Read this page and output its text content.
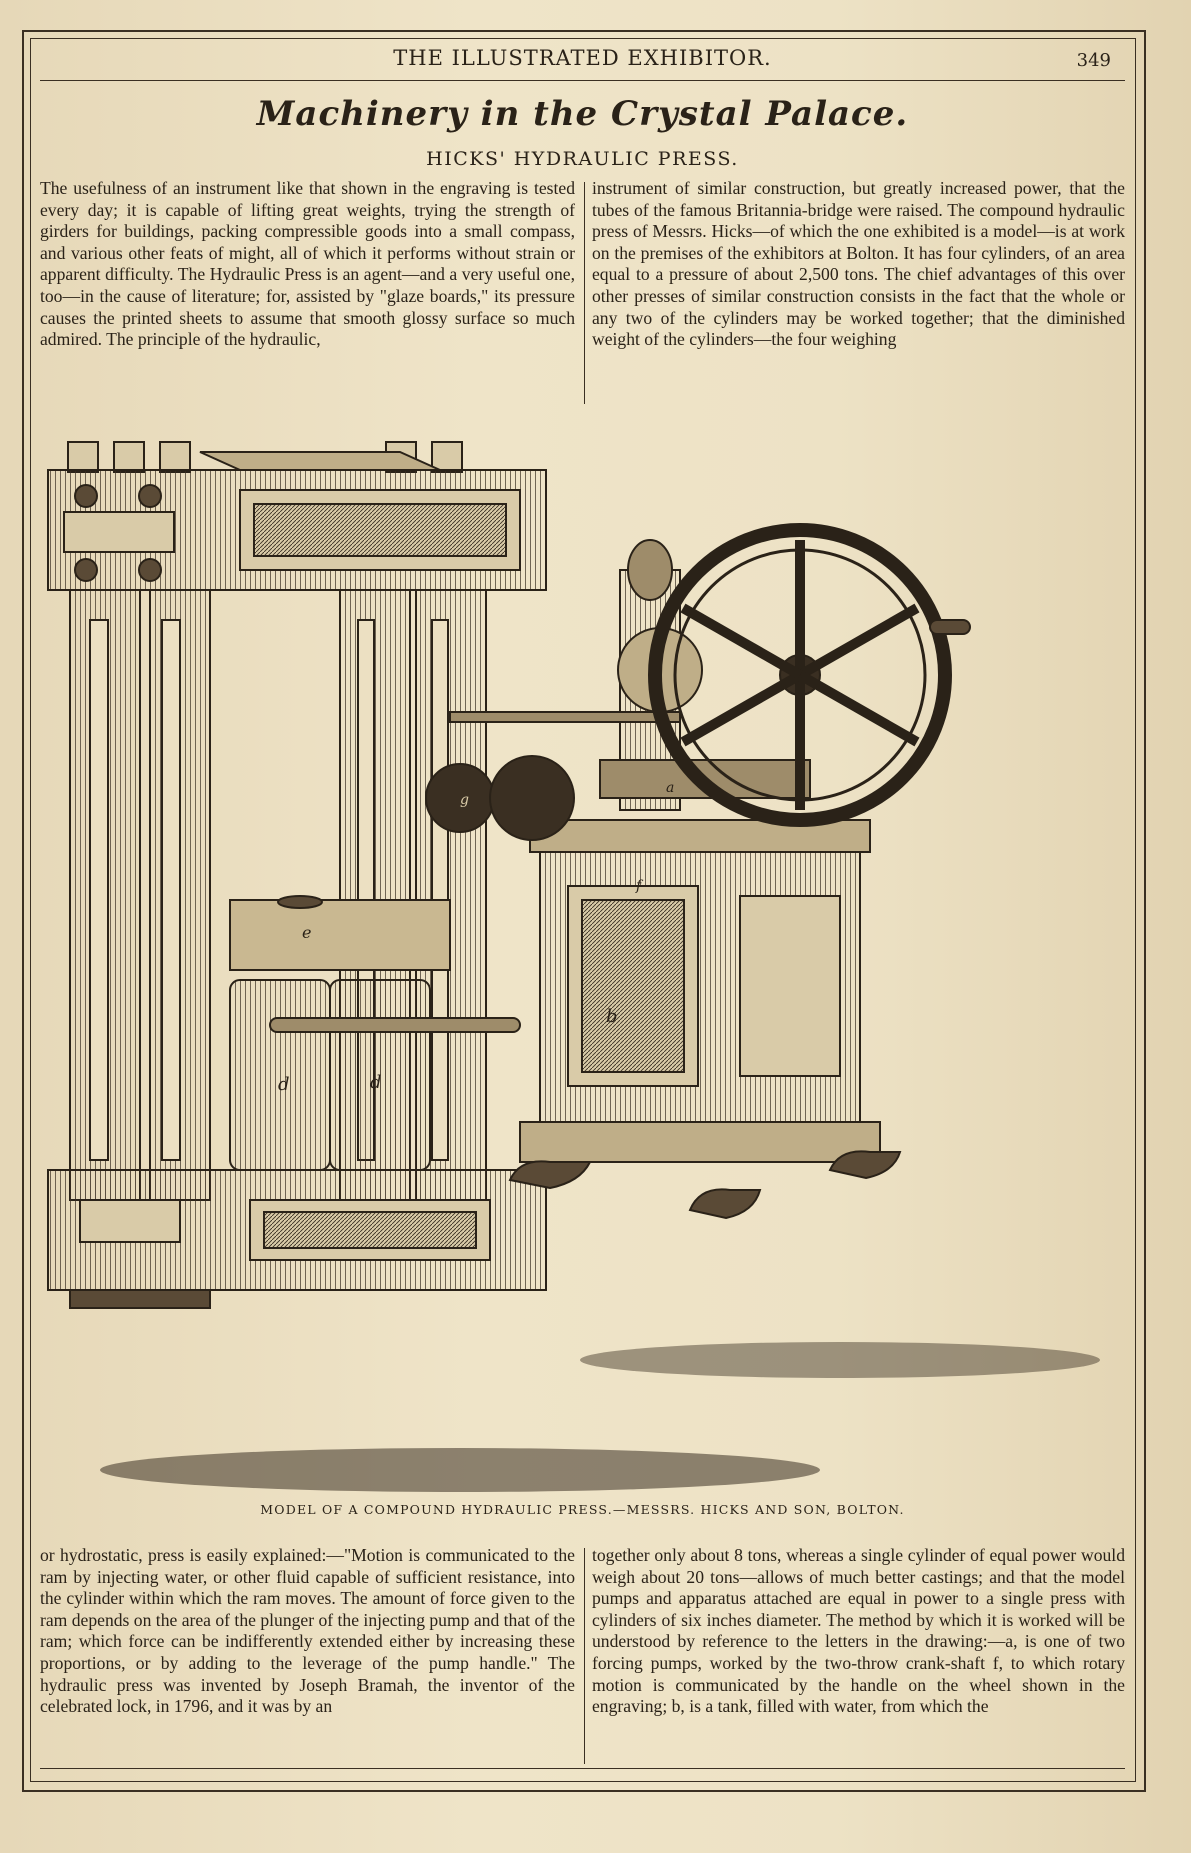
THE ILLUSTRATED EXHIBITOR.	349
Machinery in the Crystal Palace.
HICKS' HYDRAULIC PRESS.
The usefulness of an instrument like that shown in the engraving is tested every day; it is capable of lifting great weights, trying the strength of girders for buildings, packing compressible goods into a small compass, and various other feats of might, all of which it performs without strain or apparent difficulty. The Hydraulic Press is an agent—and a very useful one, too—in the cause of literature; for, assisted by "glaze boards," its pressure causes the printed sheets to assume that smooth glossy surface so much admired. The principle of the hydraulic,
instrument of similar construction, but greatly increased power, that the tubes of the famous Britannia-bridge were raised. The compound hydraulic press of Messrs. Hicks—of which the one exhibited is a model—is at work on the premises of the exhibitors at Bolton. It has four cylinders, of an area equal to a pressure of about 2,500 tons. The chief advantages of this over other presses of similar construction consists in the fact that the whole or any two of the cylinders may be worked together; that the diminished weight of the cylinders—the four weighing
e
d	d
b
f
g
a
MODEL OF A COMPOUND HYDRAULIC PRESS.—MESSRS. HICKS AND SON, BOLTON.
or hydrostatic, press is easily explained:—"Motion is communicated to the ram by injecting water, or other fluid capable of sufficient resistance, into the cylinder within which the ram moves. The amount of force given to the ram depends on the area of the plunger of the injecting pump and that of the ram; which force can be indifferently extended either by increasing these proportions, or by adding to the leverage of the pump handle." The hydraulic press was invented by Joseph Bramah, the inventor of the celebrated lock, in 1796, and it was by an
together only about 8 tons, whereas a single cylinder of equal power would weigh about 20 tons—allows of much better castings; and that the model pumps and apparatus attached are equal in power to a single press with cylinders of six inches diameter. The method by which it is worked will be understood by reference to the letters in the drawing:—a, is one of two forcing pumps, worked by the two-throw crank-shaft f, to which rotary motion is communicated by the handle on the wheel shown in the engraving; b, is a tank, filled with water, from which the
